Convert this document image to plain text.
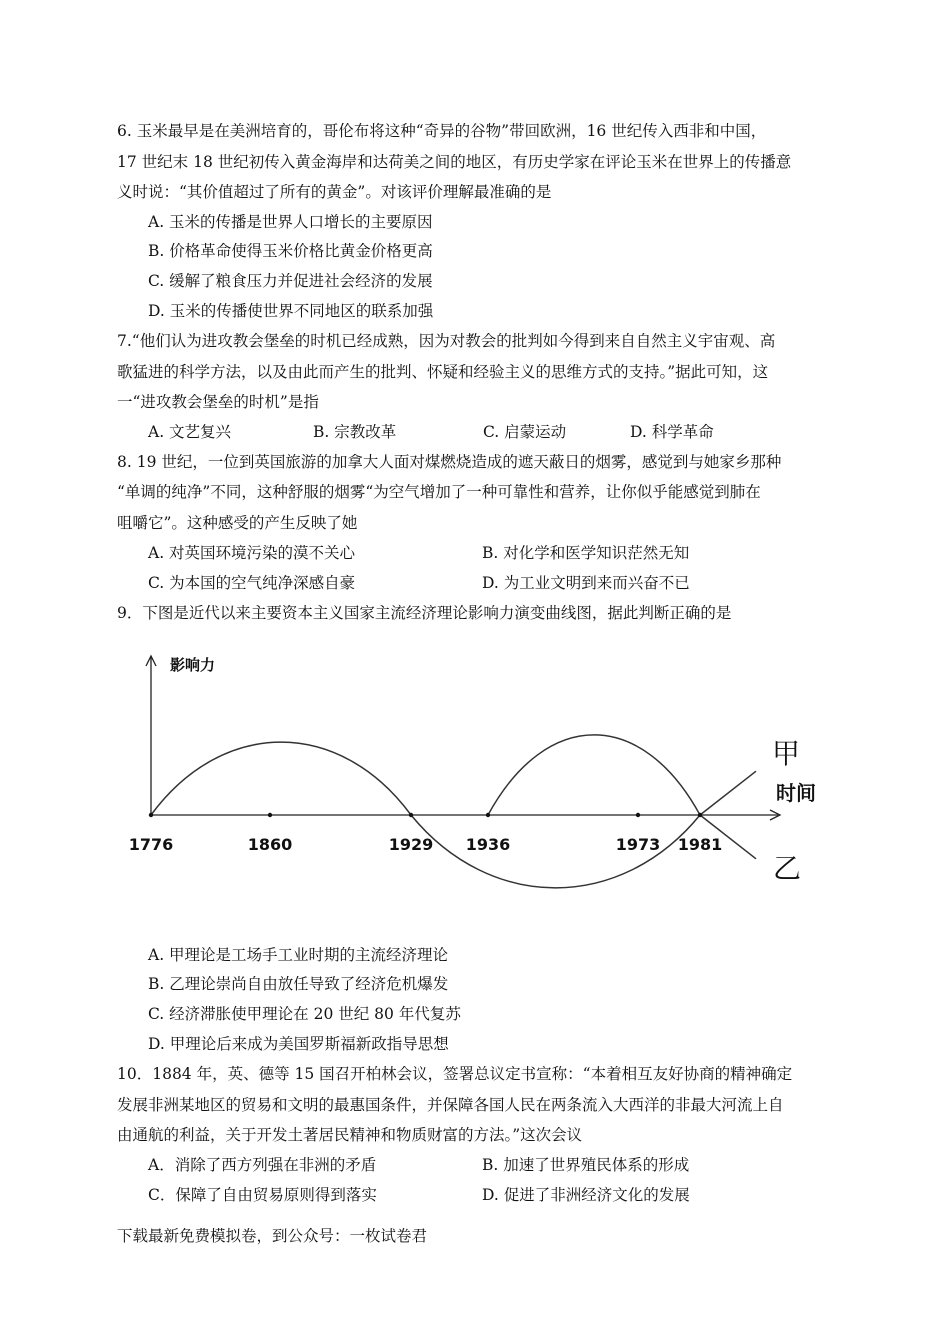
6. 玉米最早是在美洲培育的，哥伦布将这种“奇异的谷物”带回欧洲，16 世纪传入西非和中国，
17 世纪末 18 世纪初传入黄金海岸和达荷美之间的地区，有历史学家在评论玉米在世界上的传播意
义时说：“其价值超过了所有的黄金”。对该评价理解最准确的是
A. 玉米的传播是世界人口增长的主要原因
B. 价格革命使得玉米价格比黄金价格更高
C. 缓解了粮食压力并促进社会经济的发展
D. 玉米的传播使世界不同地区的联系加强
7.“他们认为进攻教会堡垒的时机已经成熟，因为对教会的批判如今得到来自自然主义宇宙观、高
歌猛进的科学方法，以及由此而产生的批判、怀疑和经验主义的思维方式的支持。”据此可知，这
一“进攻教会堡垒的时机”是指
A. 文艺复兴	B. 宗教改革	C. 启蒙运动	D. 科学革命
8. 19 世纪，一位到英国旅游的加拿大人面对煤燃烧造成的遮天蔽日的烟雾，感觉到与她家乡那种
“单调的纯净”不同，这种舒服的烟雾“为空气增加了一种可靠性和营养，让你似乎能感觉到肺在
咀嚼它”。这种感受的产生反映了她
A. 对英国环境污染的漠不关心	B. 对化学和医学知识茫然无知
C. 为本国的空气纯净深感自豪	D. 为工业文明到来而兴奋不已
9．下图是近代以来主要资本主义国家主流经济理论影响力演变曲线图，据此判断正确的是
1776	1860	1929 1936	1973 1981
影响力
时间
甲
乙
A. 甲理论是工场手工业时期的主流经济理论
B. 乙理论崇尚自由放任导致了经济危机爆发
C. 经济滞胀使甲理论在 20 世纪 80 年代复苏
D. 甲理论后来成为美国罗斯福新政指导思想
10．1884 年，英、德等 15 国召开柏林会议，签署总议定书宣称：“本着相互友好协商的精神确定
发展非洲某地区的贸易和文明的最惠国条件，并保障各国人民在两条流入大西洋的非最大河流上自
由通航的利益，关于开发土著居民精神和物质财富的方法。”这次会议
A．消除了西方列强在非洲的矛盾	B. 加速了世界殖民体系的形成
C．保障了自由贸易原则得到落实	D. 促进了非洲经济文化的发展
下载最新免费模拟卷，到公众号：一枚试卷君
